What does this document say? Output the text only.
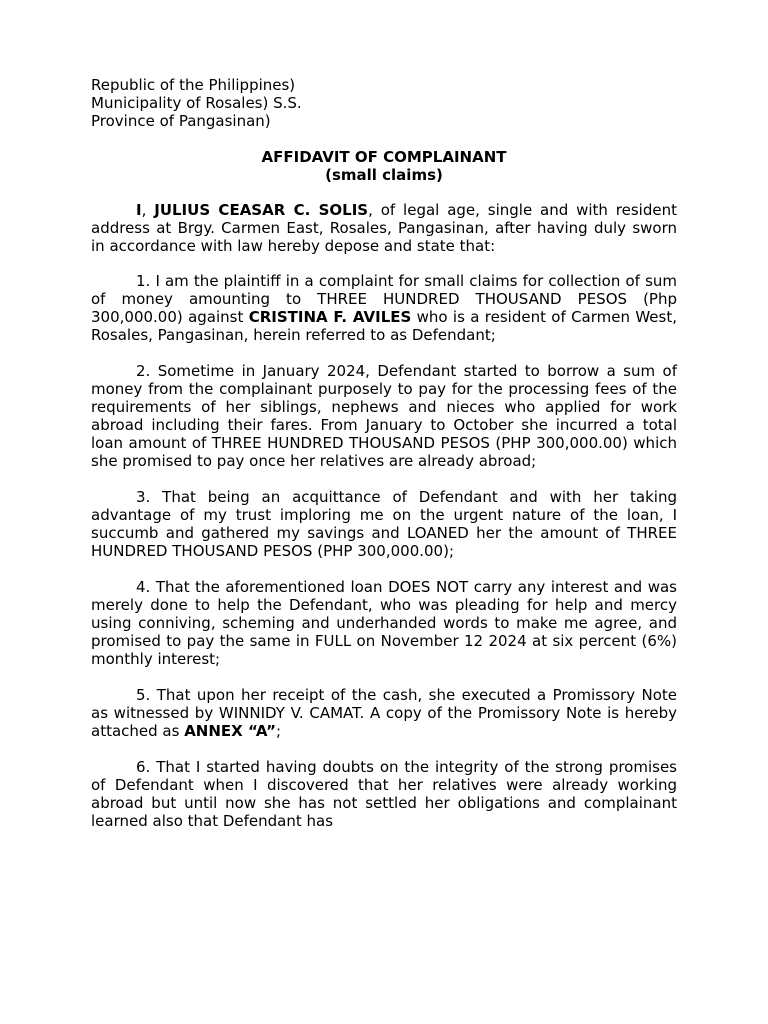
Republic of the Philippines)

Municipality of Rosales) S.S.

Province of Pangasinan)

AFFIDAVIT OF COMPLAINANT
(small claims)

I, JULIUS CEASAR C. SOLIS, of legal age, single and with resident address at Brgy. Carmen East, Rosales, Pangasinan, after having duly sworn in accordance with law hereby depose and state that:

1. I am the plaintiff in a complaint for small claims for collection of sum of money amounting to THREE HUNDRED THOUSAND PESOS (Php 300,000.00) against CRISTINA F. AVILES who is a resident of Carmen West, Rosales, Pangasinan, herein referred to as Defendant;

2. Sometime in January 2024, Defendant started to borrow a sum of money from the complainant purposely to pay for the processing fees of the requirements of her siblings, nephews and nieces who applied for work abroad including their fares. From January to October she incurred a total loan amount of THREE HUNDRED THOUSAND PESOS (PHP 300,000.00) which she promised to pay once her relatives are already abroad;

3. That being an acquittance of Defendant and with her taking advantage of my trust imploring me on the urgent nature of the loan, I succumb and gathered my savings and LOANED her the amount of THREE HUNDRED THOUSAND PESOS (PHP 300,000.00);

4. That the aforementioned loan DOES NOT carry any interest and was merely done to help the Defendant, who was pleading for help and mercy using conniving, scheming and underhanded words to make me agree, and promised to pay the same in FULL on November 12 2024 at six percent (6%) monthly interest;

5. That upon her receipt of the cash, she executed a Promissory Note as witnessed by WINNIDY V. CAMAT. A copy of the Promissory Note is hereby attached as ANNEX “A”;

6. That I started having doubts on the integrity of the strong promises of Defendant when I discovered that her relatives were already working abroad but until now she has not settled her obligations and complainant learned also that Defendant has
